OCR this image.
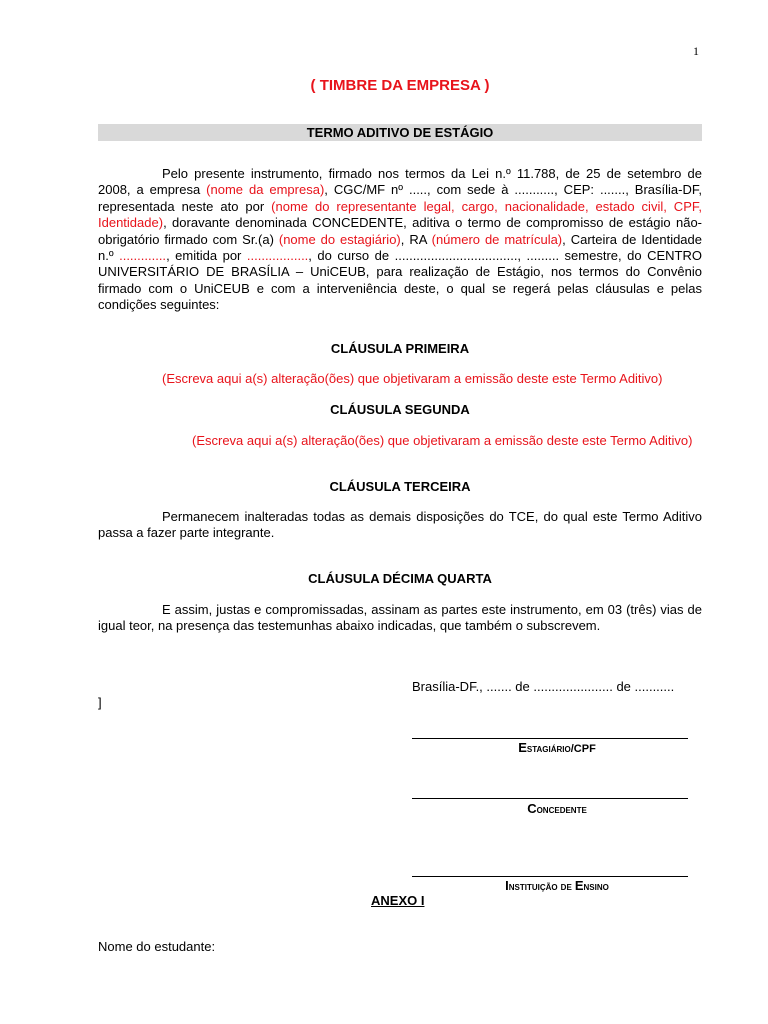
1
( TIMBRE DA EMPRESA )
TERMO ADITIVO DE ESTÁGIO
Pelo presente instrumento, firmado nos termos da Lei n.º 11.788, de 25 de setembro de 2008, a empresa (nome da empresa), CGC/MF nº ....., com sede à ..........., CEP: ......., Brasília-DF, representada neste ato por (nome do representante legal, cargo, nacionalidade, estado civil, CPF, Identidade), doravante denominada CONCEDENTE, aditiva o termo de compromisso de estágio não-obrigatório firmado com Sr.(a) (nome do estagiário), RA (número de matrícula), Carteira de Identidade n.º ............., emitida por ................., do curso de .................................., ......... semestre, do CENTRO UNIVERSITÁRIO DE BRASÍLIA – UniCEUB, para realização de Estágio, nos termos do Convênio firmado com o UniCEUB e com a interveniência deste, o qual se regerá pelas cláusulas e pelas condições seguintes:
CLÁUSULA PRIMEIRA
(Escreva aqui a(s) alteração(ões) que objetivaram a emissão deste este Termo Aditivo)
CLÁUSULA SEGUNDA
(Escreva aqui a(s) alteração(ões) que objetivaram a emissão deste este Termo Aditivo)
CLÁUSULA TERCEIRA
Permanecem inalteradas todas as demais disposições do TCE, do qual este Termo Aditivo passa a fazer parte integrante.
CLÁUSULA DÉCIMA QUARTA
E assim, justas e compromissadas, assinam as partes este instrumento, em 03 (três) vias de igual teor, na presença das testemunhas abaixo indicadas, que também o subscrevem.
Brasília-DF., ....... de ...................... de ...........
]
Estagiário/CPF
Concedente
Instituição de Ensino
ANEXO I
Nome do estudante:
